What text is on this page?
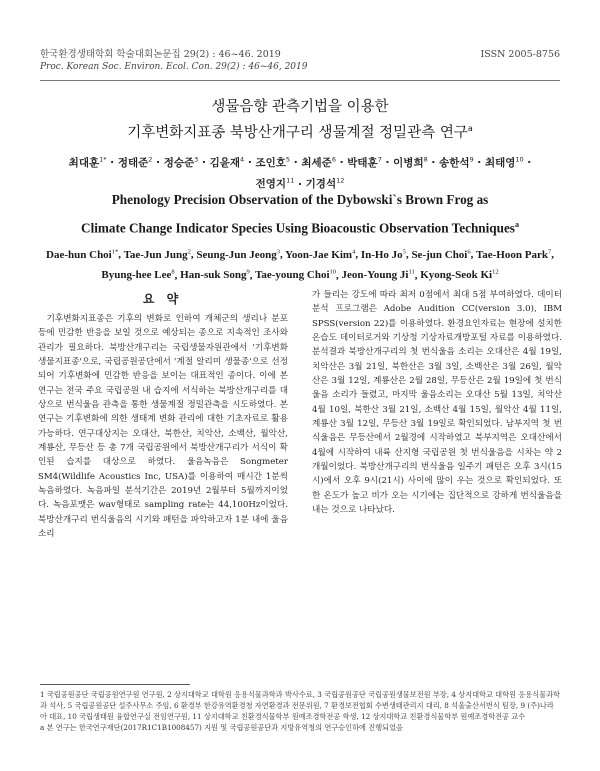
한국환경생태학회 학술대회논문집 29(2) : 46~46. 2019	ISSN 2005-8756
Proc. Korean Soc. Environ. Ecol. Con. 29(2) : 46~46, 2019
생물음향 관측기법을 이용한
기후변화지표종 북방산개구리 생물계절 정밀관측 연구$^a$
최대훈$^{1*}$ · 정태준$^2$ · 정승준$^3$ · 김윤재$^4$ · 조인호$^5$ · 최세준$^6$ · 박태훈$^7$ · 이병희$^8$ · 송한석$^9$ · 최태영$^{10}$ ·
전영지$^{11}$ · 기경석$^{12}$
Phenology Precision Observation of the Dybowski`s Brown Frog as
Climate Change Indicator Species Using Bioacoustic Observation Techniques$^a$
Dae-hun Choi$^{1*}$, Tae-Jun Jung$^2$, Seung-Jun Jeong$^3$, Yoon-Jae Kim$^4$, In-Ho Jo$^5$, Se-jun Choi$^6$, Tae-Hoon Park$^7$,
Byung-hee Lee$^8$, Han-suk Song$^9$, Tae-young Choi$^{10}$, Jeon-Young Ji$^{11}$, Kyong-Seok Ki$^{12}$
요 약

기후변화지표종은 기후의 변화로 인하여 개체군의 생리나 분포 등에 민감한 반응을 보일 것으로 예상되는 종으로 지속적인 조사와 관리가 필요하다. 북방산개구리는 국립생물자원관에서 '기후변화 생물지표종'으로, 국립공원공단에서 '계절 알리미 생물종'으로 선정되어 기후변화에 민감한 반응을 보이는 대표적인 종이다. 이에 본 연구는 전국 주요 국립공원 내 습지에 서식하는 북방산개구리를 대상으로 번식울음 관측을 통한 생물계절 정밀관측을 시도하였다. 본 연구는 기후변화에 의한 생태계 변화 관리에 대한 기초자료로 활용가능하다. 연구대상지는 오대산, 북한산, 치악산, 소백산, 월악산, 계룡산, 무등산 등 총 7개 국립공원에서 북방산개구리가 서식이 확인된 습지를 대상으로 하였다. 울음녹음은 Songmeter SM4(Wildlife Acoustics Inc, USA)를 이용하여 매시간 1분씩 녹음하였다. 녹음파일 분석기간은 2019년 2월부터 5월까지이었다. 녹음포맷은 wav형태로 sampling rate는 44,100Hz이었다. 북방산개구리 번식울음의 시기와 패턴을 파악하고자 1분 내에 울음소리

가 들리는 강도에 따라 최저 0점에서 최대 5점 부여하였다. 데이터 분석 프로그램은 Adobe Audition CC(version 3.0), IBM SPSS(version 22)를 이용하였다. 환경요인자료는 현장에 설치한 온습도 데이터로거와 기상청 기상자료개방포털 자료를 이용하였다. 분석결과 북방산개구리의 첫 번식울음 소리는 오대산은 4월 19일, 치악산은 3월 21일, 북한산은 3월 3일, 소백산은 3월 26일, 월악산은 3월 12일, 계룡산은 2월 28일, 무등산은 2월 19일에 첫 번식울음 소리가 들렸고, 마지막 울음소리는 오대산 5월 13일, 치악산 4월 10일, 북한산 3월 21일, 소백산 4월 15일, 월악산 4월 11일, 계룡산 3월 12일, 무등산 3월 19일로 확인되었다. 남부지역 첫 번식울음은 무등산에서 2월경에 시작하였고 북부지역은 오대산에서 4월에 시작하여 내륙 산지형 국립공원 첫 번식울음을 시차는 약 2개월이었다. 북방산개구리의 번식울음 일주기 패턴은 오후 3시(15시)에서 오후 9시(21시) 사이에 많이 우는 것으로 확인되었다. 또한 온도가 높고 비가 오는 시기에는 집단적으로 강하게 번식울음을 내는 것으로 나타났다.

1 국립공원공단 국립공원연구원 연구원, 2 상지대학교 대학원 응용식물과학과 박사수료, 3 국립공원공단 국립공원생물보전원 부장, 4 상지대학교 대학원 응용식물과학과 석사, 5 국립공원공단 설주사무소 주임, 6 환경부 한강유역환경청 자연환경과 전문위원, 7 환경보전협회 수변생태관리지 대리, 8 석울출산서번식 팀장, 9 (주)나라아 대표, 10 국립생태원 융합연구실 전임연구원, 11 상지대학교 친환경식물학부 원예조경학전공 학생, 12 상지대학교 친환경식물학부 원예조경학전공 교수

a 본 연구는 한국연구재단(2017R1C1B1008457) 지원 및 국립공원공단과 지방유역청의 연구승인하에 진행되었음
